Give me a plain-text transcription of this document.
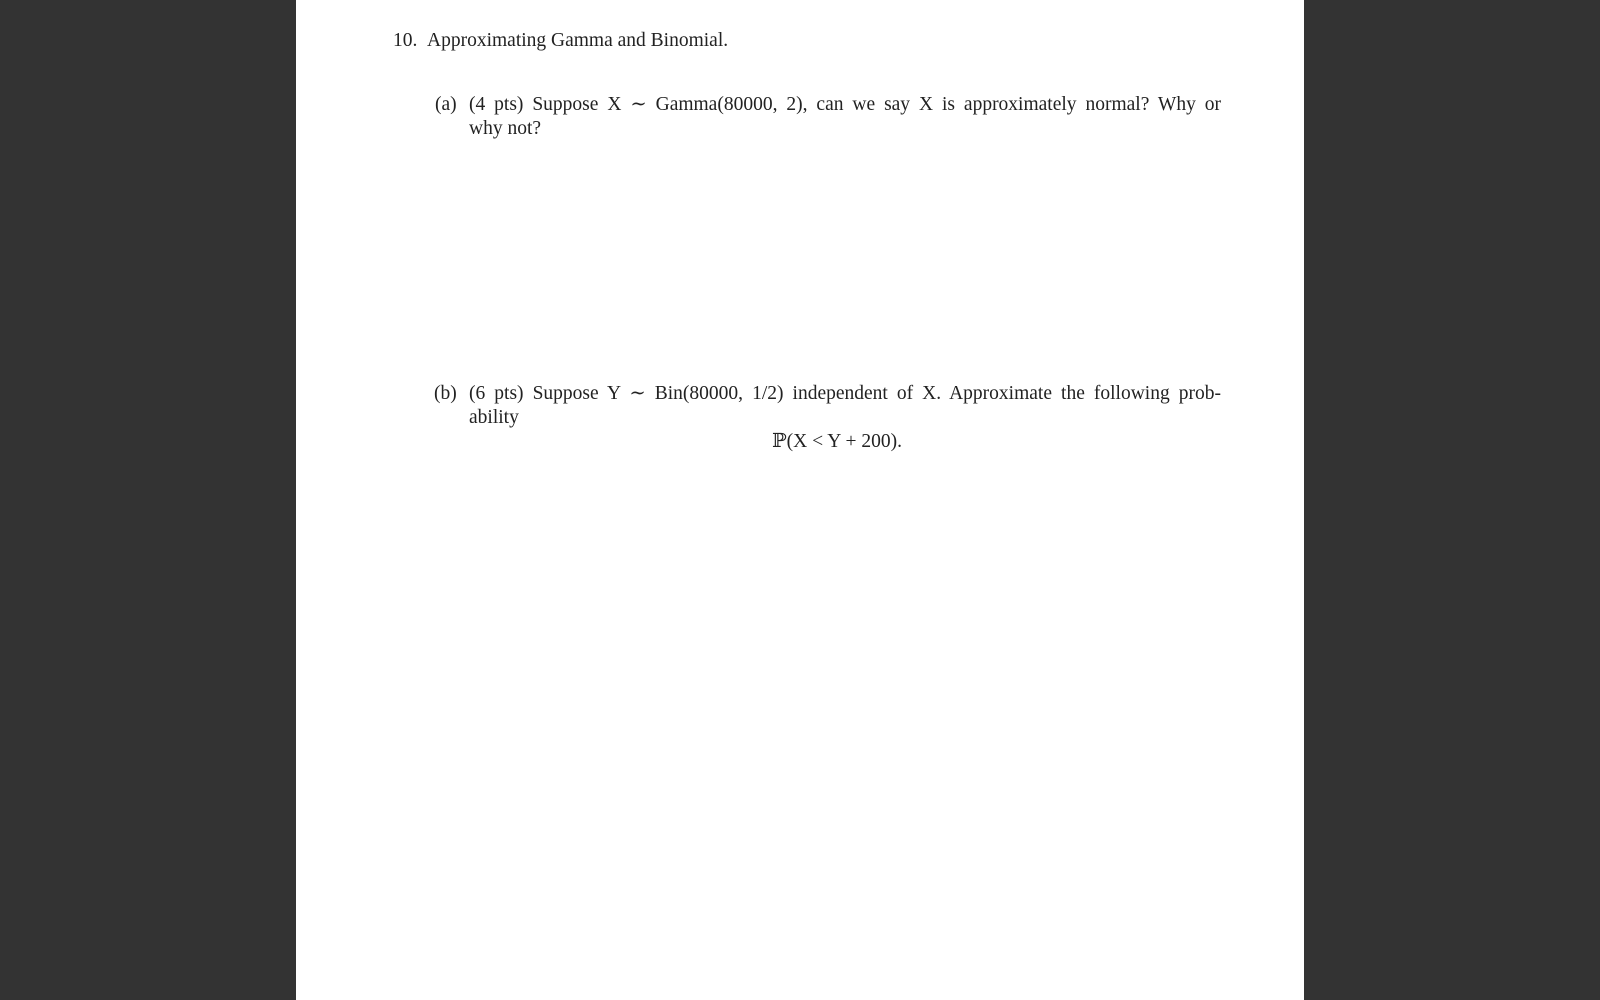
10. Approximating Gamma and Binomial.
(a) (4 pts) Suppose X ∼ Gamma(80000, 2), can we say X is approximately normal? Why or
why not?
(b) (6 pts) Suppose Y ∼ Bin(80000, 1/2) independent of X. Approximate the following prob-
ability
ℙ(X < Y + 200).
